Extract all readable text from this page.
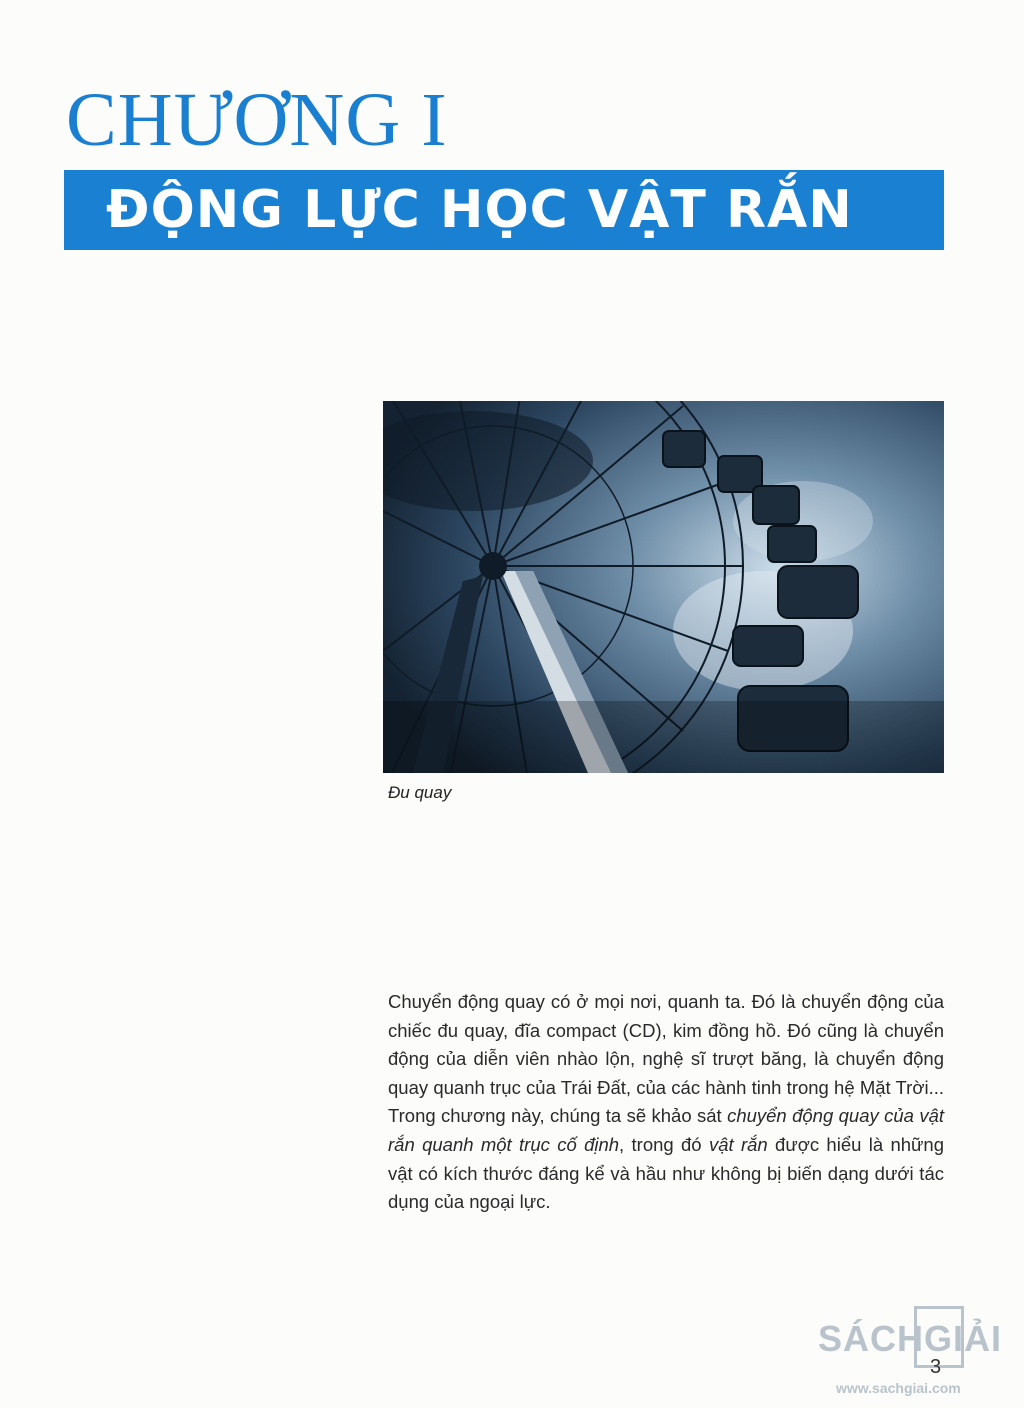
CHƯƠNG I
ĐỘNG LỰC HỌC VẬT RẮN

Đu quay

Chuyển động quay có ở mọi nơi, quanh ta. Đó là chuyển động của chiếc đu quay, đĩa compact (CD), kim đồng hồ. Đó cũng là chuyển động của diễn viên nhào lộn, nghệ sĩ trượt băng, là chuyển động quay quanh trục của Trái Đất, của các hành tinh trong hệ Mặt Trời... Trong chương này, chúng ta sẽ khảo sát chuyển động quay của vật rắn quanh một trục cố định, trong đó vật rắn được hiểu là những vật có kích thước đáng kể và hầu như không bị biến dạng dưới tác dụng của ngoại lực.

SÁCHGIẢI
www.sachgiai.com
3
